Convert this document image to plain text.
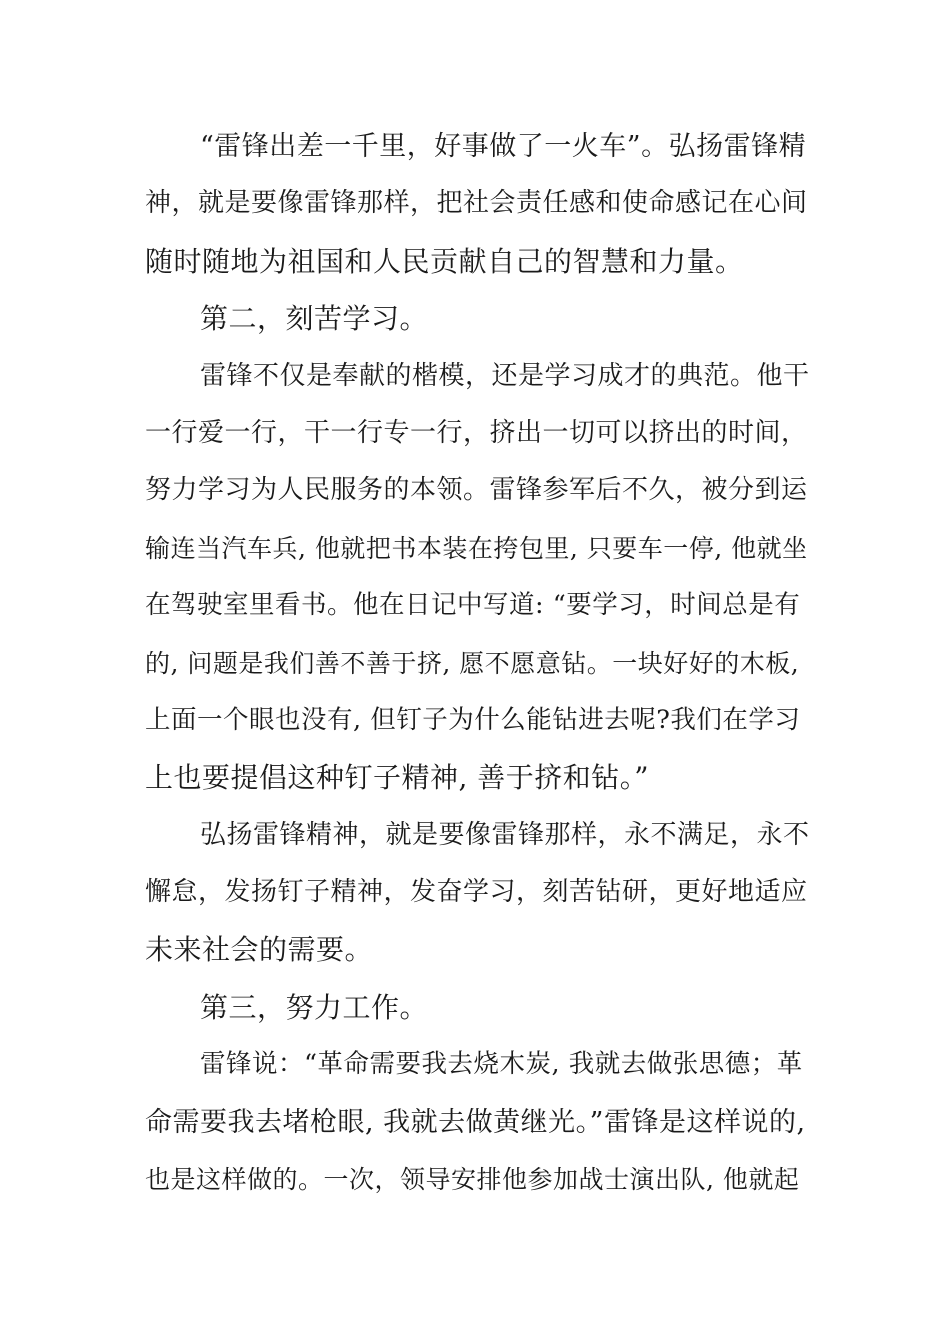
“雷锋出差一千里，好事做了一火车”。弘扬雷锋精
神，就是要像雷锋那样，把社会责任感和使命感记在心间
随时随地为祖国和人民贡献自己的智慧和力量。
第二，刻苦学习。
雷锋不仅是奉献的楷模，还是学习成才的典范。他干
一行爱一行，干一行专一行，挤出一切可以挤出的时间，
努力学习为人民服务的本领。雷锋参军后不久，被分到运
输连当汽车兵, 他就把书本装在挎包里, 只要车一停, 他就坐
在驾驶室里看书。他在日记中写道: “要学习，时间总是有
的, 问题是我们善不善于挤, 愿不愿意钻。一块好好的木板,
上面一个眼也没有, 但钉子为什么能钻进去呢?我们在学习
上也要提倡这种钉子精神, 善于挤和钻。”
弘扬雷锋精神，就是要像雷锋那样，永不满足，永不
懈怠，发扬钉子精神，发奋学习，刻苦钻研，更好地适应
未来社会的需要。
第三，努力工作。
雷锋说：“革命需要我去烧木炭, 我就去做张思德；革
命需要我去堵枪眼, 我就去做黄继光。”雷锋是这样说的,
也是这样做的。一次，领导安排他参加战士演出队, 他就起
